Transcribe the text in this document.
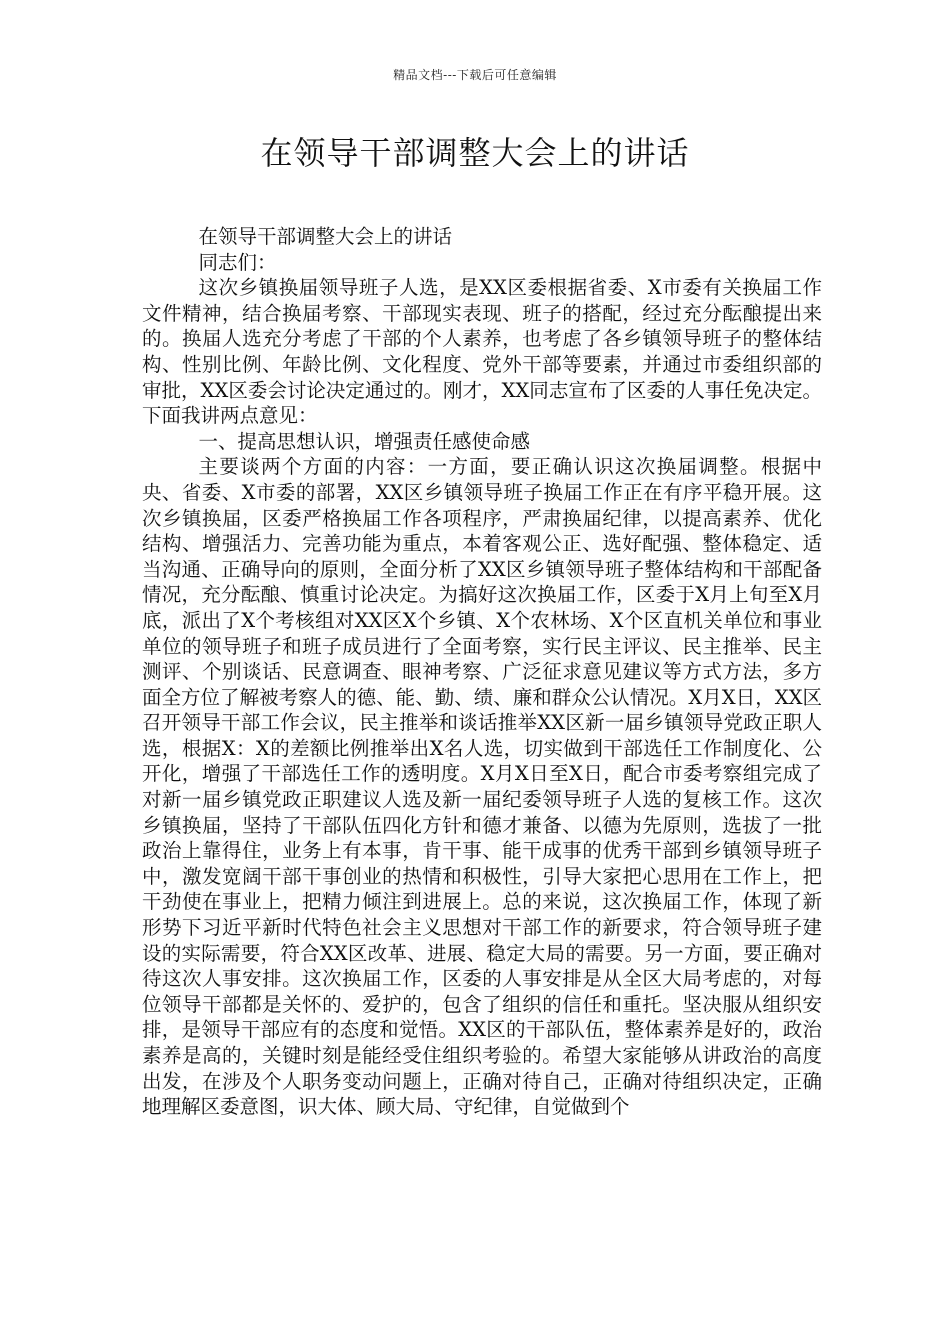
精品文档---下载后可任意编辑
在领导干部调整大会上的讲话

在领导干部调整大会上的讲话

同志们：

这次乡镇换届领导班子人选，是XX区委根据省委、X市委有关换届工作文件精神，结合换届考察、干部现实表现、班子的搭配，经过充分酝酿提出来的。换届人选充分考虑了干部的个人素养，也考虑了各乡镇领导班子的整体结构、性别比例、年龄比例、文化程度、党外干部等要素，并通过市委组织部的审批，XX区委会讨论决定通过的。刚才，XX同志宣布了区委的人事任免决定。下面我讲两点意见：

一、提高思想认识，增强责任感使命感

主要谈两个方面的内容：一方面，要正确认识这次换届调整。根据中央、省委、X市委的部署，XX区乡镇领导班子换届工作正在有序平稳开展。这次乡镇换届，区委严格换届工作各项程序，严肃换届纪律，以提高素养、优化结构、增强活力、完善功能为重点，本着客观公正、选好配强、整体稳定、适当沟通、正确导向的原则，全面分析了XX区乡镇领导班子整体结构和干部配备情况，充分酝酿、慎重讨论决定。为搞好这次换届工作，区委于X月上旬至X月底，派出了X个考核组对XX区X个乡镇、X个农林场、X个区直机关单位和事业单位的领导班子和班子成员进行了全面考察，实行民主评议、民主推举、民主测评、个别谈话、民意调查、眼神考察、广泛征求意见建议等方式方法，多方面全方位了解被考察人的德、能、勤、绩、廉和群众公认情况。X月X日，XX区召开领导干部工作会议，民主推举和谈话推举XX区新一届乡镇领导党政正职人选，根据X：X的差额比例推举出X名人选，切实做到干部选任工作制度化、公开化，增强了干部选任工作的透明度。X月X日至X日，配合市委考察组完成了对新一届乡镇党政正职建议人选及新一届纪委领导班子人选的复核工作。这次乡镇换届，坚持了干部队伍四化方针和德才兼备、以德为先原则，选拔了一批政治上靠得住，业务上有本事，肯干事、能干成事的优秀干部到乡镇领导班子中，激发宽阔干部干事创业的热情和积极性，引导大家把心思用在工作上，把干劲使在事业上，把精力倾注到进展上。总的来说，这次换届工作，体现了新形势下习近平新时代特色社会主义思想对干部工作的新要求，符合领导班子建设的实际需要，符合XX区改革、进展、稳定大局的需要。另一方面，要正确对待这次人事安排。这次换届工作，区委的人事安排是从全区大局考虑的，对每位领导干部都是关怀的、爱护的，包含了组织的信任和重托。坚决服从组织安排，是领导干部应有的态度和觉悟。XX区的干部队伍，整体素养是好的，政治素养是高的，关键时刻是能经受住组织考验的。希望大家能够从讲政治的高度出发，在涉及个人职务变动问题上，正确对待自己，正确对待组织决定，正确地理解区委意图，识大体、顾大局、守纪律，自觉做到个
